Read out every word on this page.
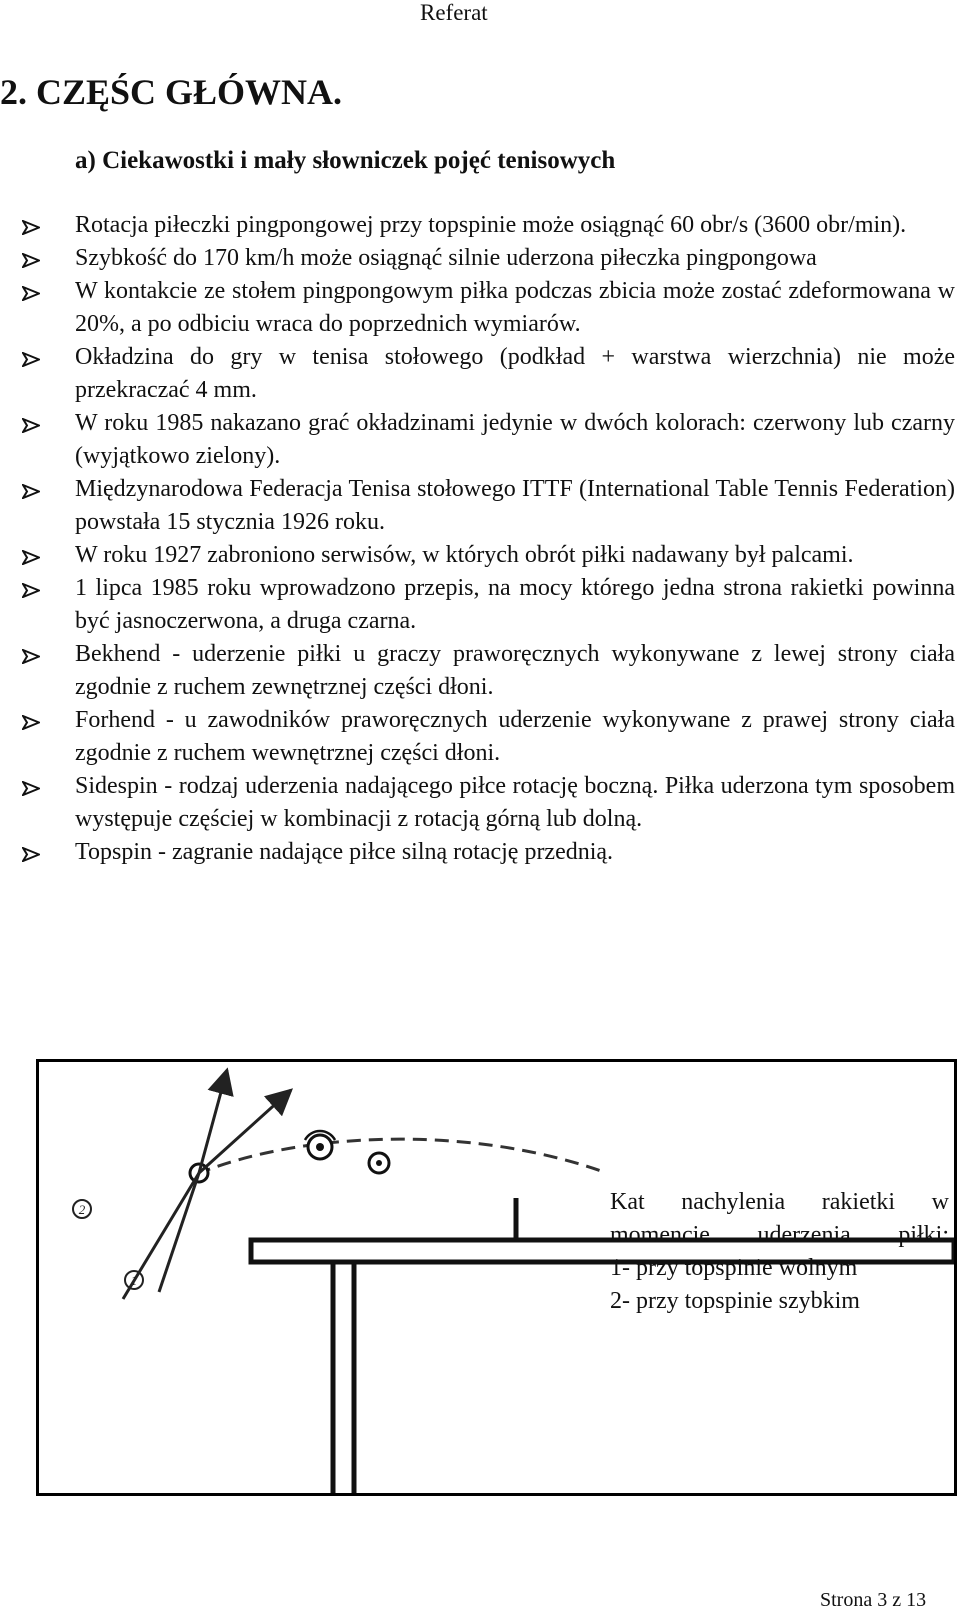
Referat
2. CZĘŚC GŁÓWNA.
a) Ciekawostki i mały słowniczek pojęć tenisowych
Rotacja piłeczki pingpongowej przy topspinie może osiągnąć 60 obr/s (3600 obr/min).
Szybkość do 170 km/h może osiągnąć silnie uderzona piłeczka pingpongowa
W kontakcie ze stołem pingpongowym piłka podczas zbicia może zostać zdeformowana w 20%, a po odbiciu wraca do poprzednich wymiarów.
Okładzina do gry w tenisa stołowego (podkład + warstwa wierzchnia) nie może przekraczać 4 mm.
W roku 1985 nakazano grać okładzinami jedynie w dwóch kolorach: czerwony lub czarny (wyjątkowo zielony).
Międzynarodowa Federacja Tenisa stołowego ITTF (International Table Tennis Federation) powstała 15 stycznia 1926 roku.
W roku 1927 zabroniono serwisów, w których obrót piłki nadawany był palcami.
1 lipca 1985 roku wprowadzono przepis, na mocy którego jedna strona rakietki powinna być jasnoczerwona, a druga czarna.
Bekhend - uderzenie piłki u graczy praworęcznych wykonywane z lewej strony ciała zgodnie z ruchem zewnętrznej części dłoni.
Forhend - u zawodników praworęcznych uderzenie wykonywane z prawej strony ciała zgodnie z ruchem wewnętrznej części dłoni.
Sidespin - rodzaj uderzenia nadającego piłce rotację boczną. Piłka uderzona tym sposobem występuje częściej w kombinacji z rotacją górną lub dolną.
Topspin - zagranie nadające piłce silną rotację przednią.
2
1
Kat nachylenia rakietki w
momencie uderzenia piłki:
1- przy topspinie wolnym
2- przy topspinie szybkim
Strona 3 z 13
